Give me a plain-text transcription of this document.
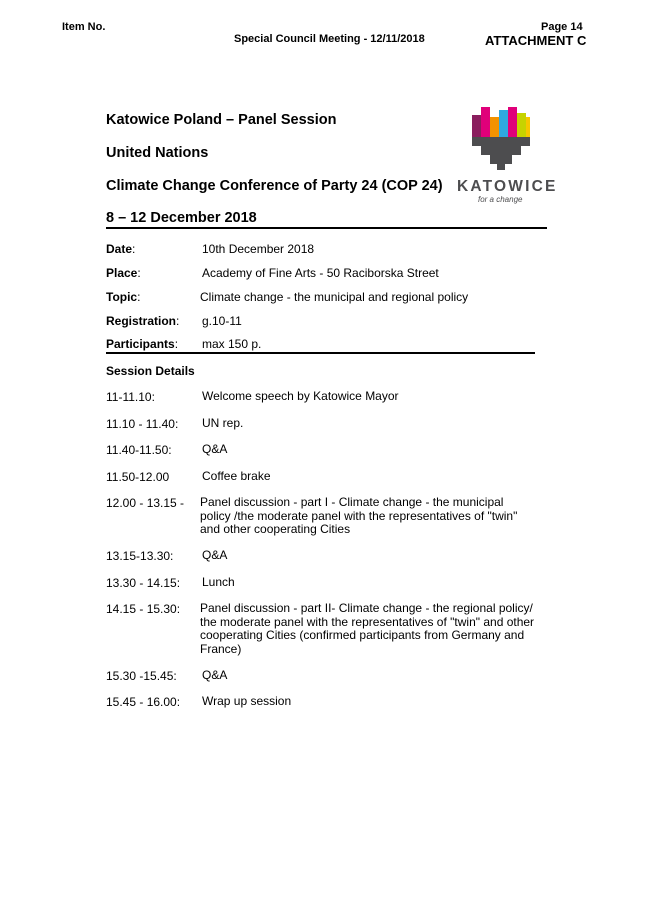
Item No.
Special Council Meeting - 12/11/2018
Page 14
ATTACHMENT C
Katowice Poland – Panel Session
United Nations
Climate Change Conference of Party 24 (COP 24)
8 – 12 December 2018
KATOWICE
for a change
Date:	10th December 2018
Place:	Academy of Fine Arts - 50 Raciborska Street
Topic:	Climate change - the municipal and regional policy
Registration: g.10-11
Participants: max 150 p.
Session Details
11-11.10:	Welcome speech by Katowice Mayor
11.10 - 11.40: UN rep.
11.40-11.50:	Q&A
11.50-12.00	Coffee brake
12.00 - 13.15 - Panel discussion - part I - Climate change - the municipal policy /the moderate panel with the representatives of "twin" and other cooperating Cities
13.15-13.30: Q&A
13.30 - 14.15: Lunch
14.15 - 15.30: Panel discussion - part II- Climate change - the regional policy/ the moderate panel with the representatives of "twin" and other cooperating Cities (confirmed participants from Germany and France)
15.30 -15.45: Q&A
15.45 - 16.00: Wrap up session
